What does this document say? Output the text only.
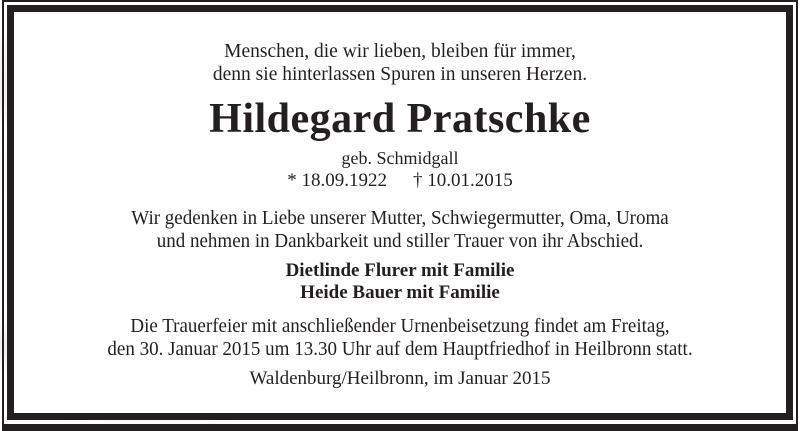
Menschen, die wir lieben, bleiben für immer,
denn sie hinterlassen Spuren in unseren Herzen.
Hildegard Pratschke
geb. Schmidgall
* 18.09.1922 † 10.01.2015
Wir gedenken in Liebe unserer Mutter, Schwiegermutter, Oma, Uroma
und nehmen in Dankbarkeit und stiller Trauer von ihr Abschied.
Dietlinde Flurer mit Familie
Heide Bauer mit Familie
Die Trauerfeier mit anschließender Urnenbeisetzung findet am Freitag,
den 30. Januar 2015 um 13.30 Uhr auf dem Hauptfriedhof in Heilbronn statt.
Waldenburg/Heilbronn, im Januar 2015
